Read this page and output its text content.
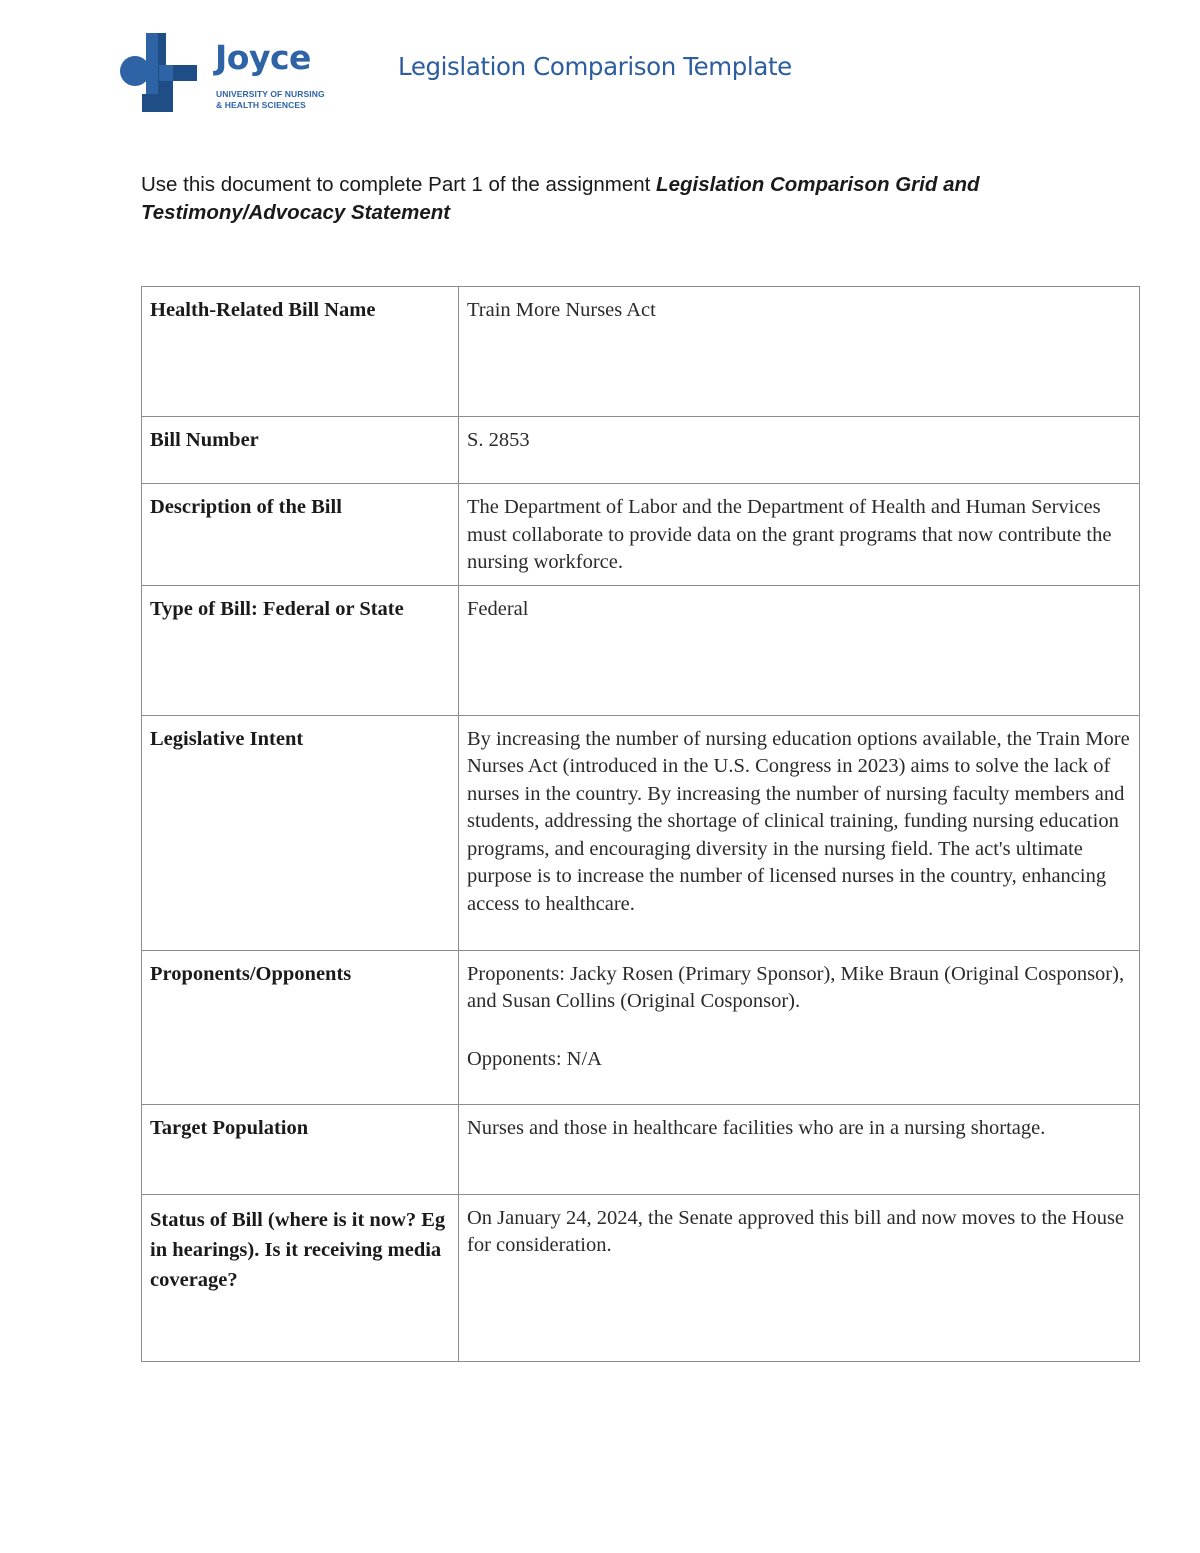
Joyce
UNIVERSITY OF NURSING
& HEALTH SCIENCES
Legislation Comparison Template
Use this document to complete Part 1 of the assignment Legislation Comparison Grid and Testimony/Advocacy Statement
Health-Related Bill Name	Train More Nurses Act
Bill Number	S. 2853
Description of the Bill	The Department of Labor and the Department of Health and Human Services must collaborate to provide data on the grant programs that now contribute the nursing workforce.
Type of Bill: Federal or State	Federal
Legislative Intent	By increasing the number of nursing education options available, the Train More Nurses Act (introduced in the U.S. Congress in 2023) aims to solve the lack of nurses in the country. By increasing the number of nursing faculty members and students, addressing the shortage of clinical training, funding nursing education programs, and encouraging diversity in the nursing field. The act's ultimate purpose is to increase the number of licensed nurses in the country, enhancing access to healthcare.
Proponents/Opponents	Proponents: Jacky Rosen (Primary Sponsor), Mike Braun (Original Cosponsor), and Susan Collins (Original Cosponsor).
Opponents: N/A

Target Population	Nurses and those in healthcare facilities who are in a nursing shortage.
Status of Bill (where is it now? Eg in hearings). Is it receiving media coverage?	On January 24, 2024, the Senate approved this bill and now moves to the House for consideration.
